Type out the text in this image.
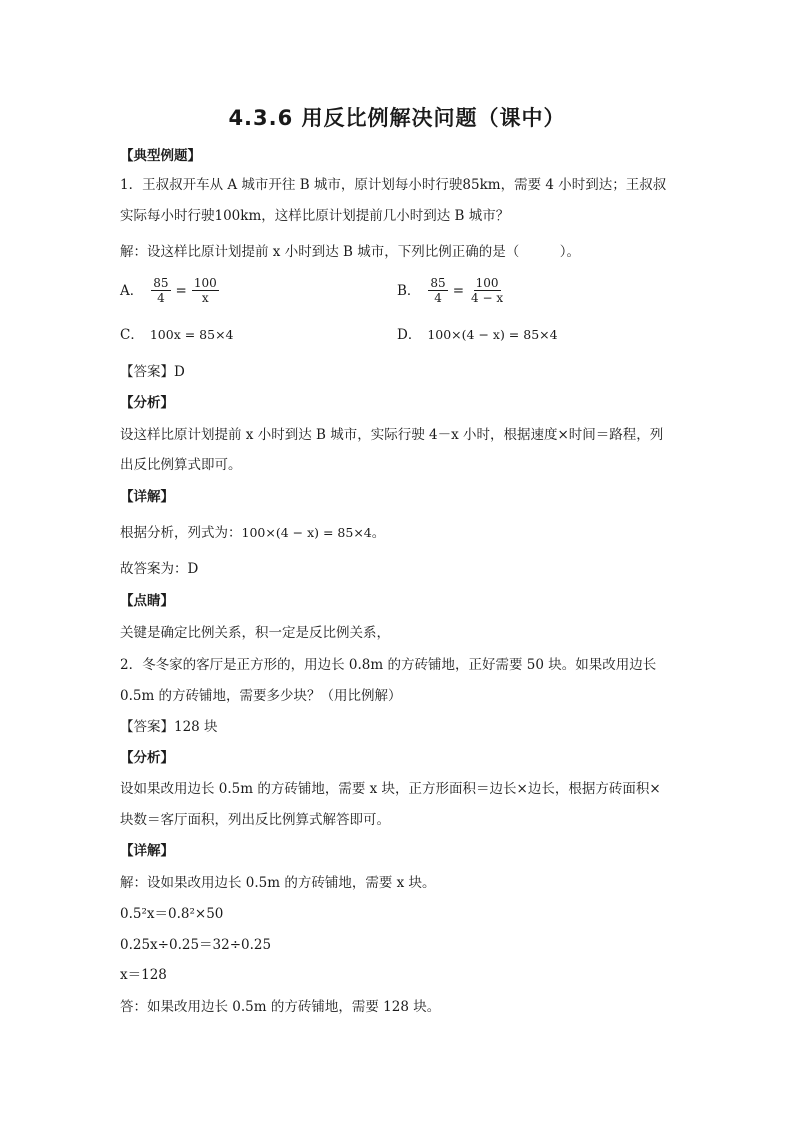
4.3.6 用反比例解决问题（课中）
【典型例题】
1．王叔叔开车从 A 城市开往 B 城市，原计划每小时行驶85km，需要 4 小时到达；王叔叔
实际每小时行驶100km，这样比原计划提前几小时到达 B 城市？
解：设这样比原计划提前 x 小时到达 B 城市，下列比例正确的是（　　　）。
A． $\frac{85}{4} = \frac{100}{x}$	B． $\frac{85}{4} = \frac{100}{4 - x}$
C． 100x = 85×4	D． 100×(4 − x) = 85×4
【答案】D
【分析】
设这样比原计划提前 x 小时到达 B 城市，实际行驶 4－x 小时，根据速度×时间＝路程，列
出反比例算式即可。
【详解】
根据分析，列式为：100×(4 − x) = 85×4。
故答案为：D
【点睛】
关键是确定比例关系，积一定是反比例关系，
2．冬冬家的客厅是正方形的，用边长 0.8m 的方砖铺地，正好需要 50 块。如果改用边长
0.5m 的方砖铺地，需要多少块？（用比例解）
【答案】128 块
【分析】
设如果改用边长 0.5m 的方砖铺地，需要 x 块，正方形面积＝边长×边长，根据方砖面积×
块数＝客厅面积，列出反比例算式解答即可。
【详解】
解：设如果改用边长 0.5m 的方砖铺地，需要 x 块。
0.5²x＝0.8²×50
0.25x÷0.25＝32÷0.25
x＝128
答：如果改用边长 0.5m 的方砖铺地，需要 128 块。
